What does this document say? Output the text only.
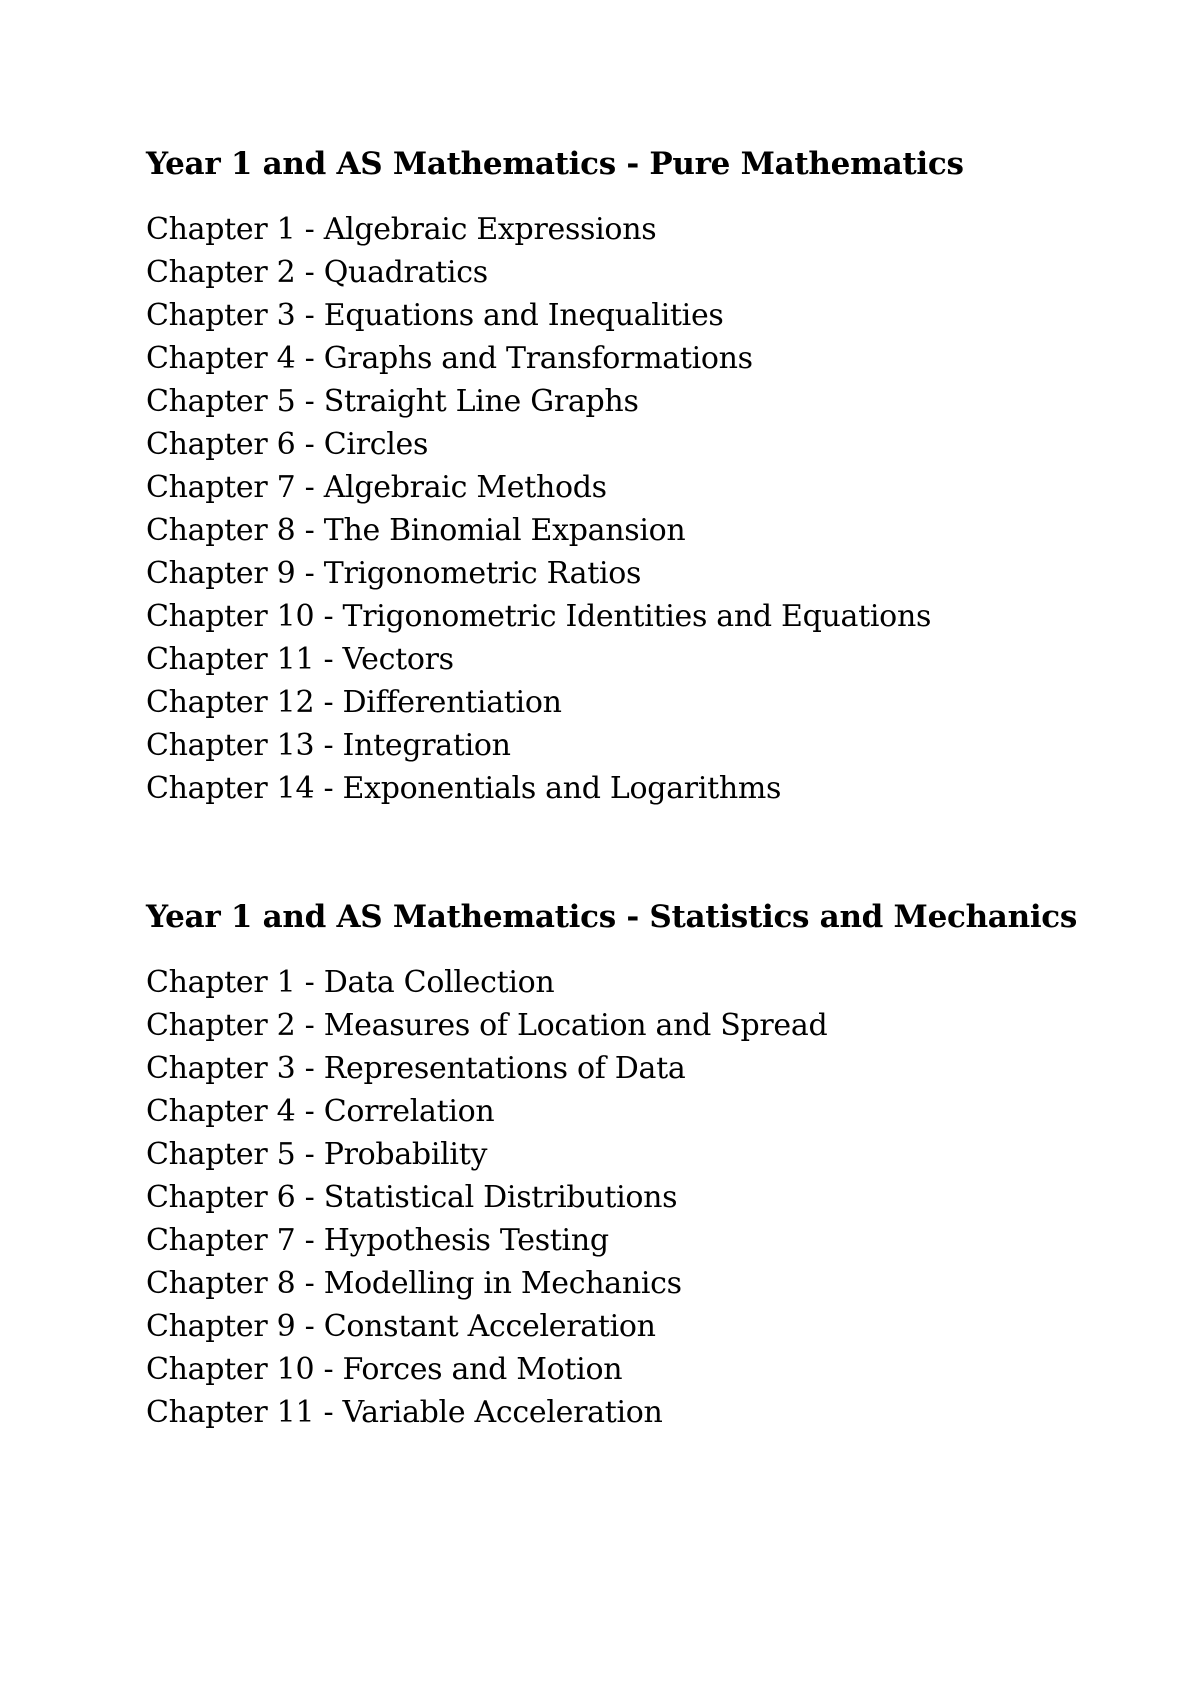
Year 1 and AS Mathematics - Pure Mathematics
Chapter 1 - Algebraic Expressions
Chapter 2 - Quadratics
Chapter 3 - Equations and Inequalities
Chapter 4 - Graphs and Transformations
Chapter 5 - Straight Line Graphs
Chapter 6 - Circles
Chapter 7 - Algebraic Methods
Chapter 8 - The Binomial Expansion
Chapter 9 - Trigonometric Ratios
Chapter 10 - Trigonometric Identities and Equations
Chapter 11 - Vectors
Chapter 12 - Differentiation
Chapter 13 - Integration
Chapter 14 - Exponentials and Logarithms
Year 1 and AS Mathematics - Statistics and Mechanics
Chapter 1 - Data Collection
Chapter 2 - Measures of Location and Spread
Chapter 3 - Representations of Data
Chapter 4 - Correlation
Chapter 5 - Probability
Chapter 6 - Statistical Distributions
Chapter 7 - Hypothesis Testing
Chapter 8 - Modelling in Mechanics
Chapter 9 - Constant Acceleration
Chapter 10 - Forces and Motion
Chapter 11 - Variable Acceleration
